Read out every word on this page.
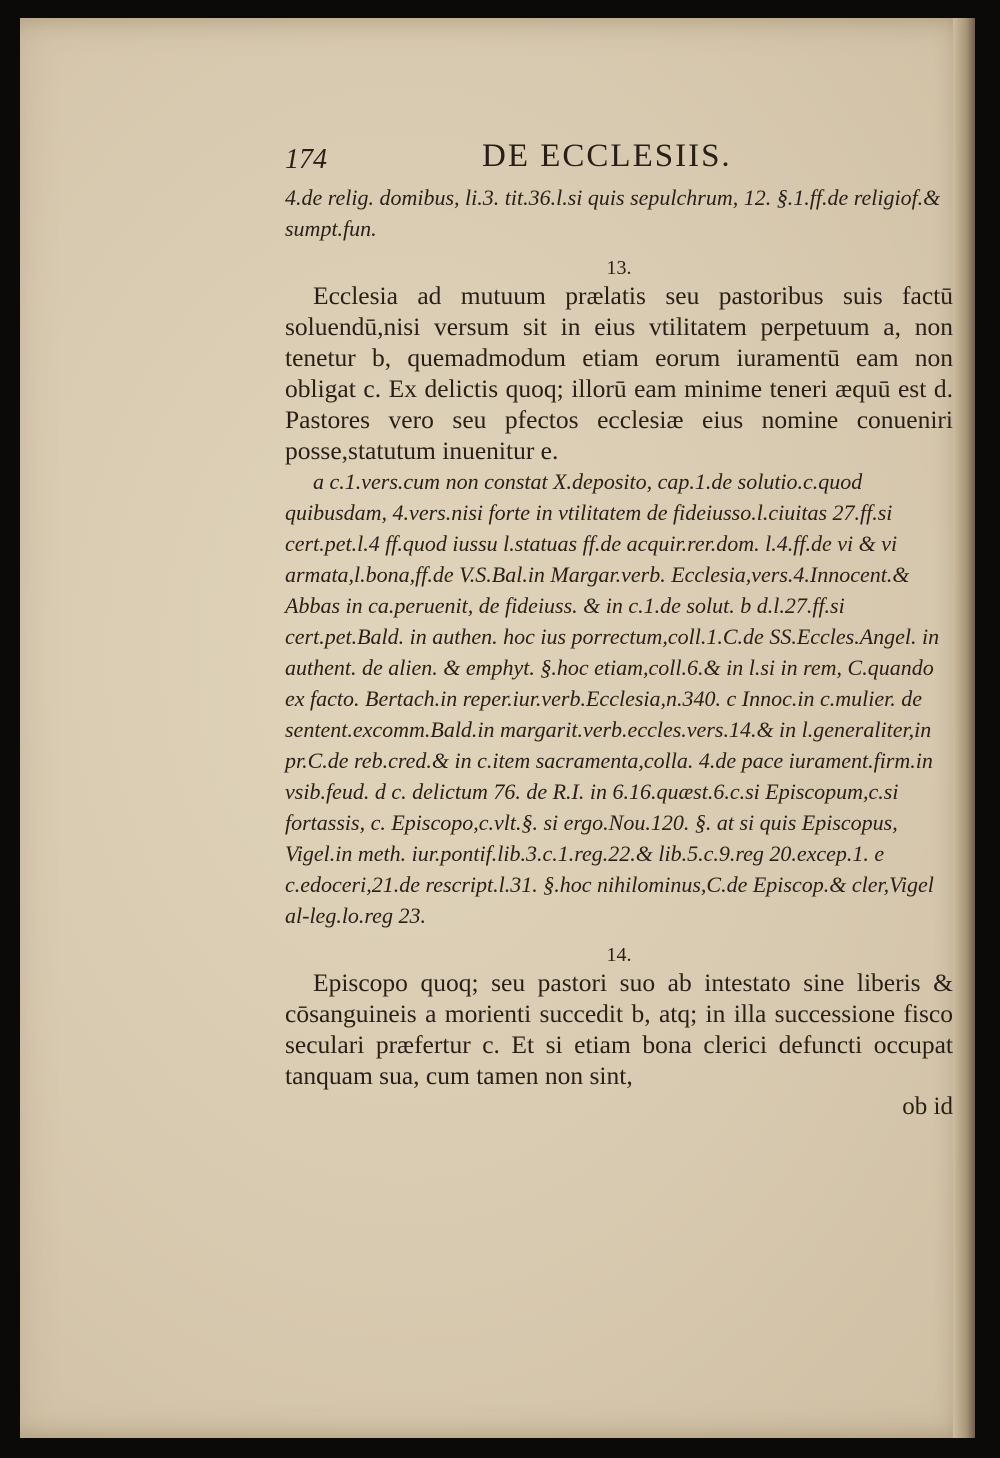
174	DE ECCLESIIS.

4.de relig. domibus, li.3. tit.36.l.si quis sepulchrum, 12. §.1.ff.de religiof.& sumpt.fun.

13.

Ecclesia ad mutuum prælatis seu pastoribus suis factū soluendū,nisi versum sit in eius vtilitatem perpetuum a, non tenetur b, quemadmodum etiam eorum iuramentū eam non obligat c. Ex delictis quoq; illorū eam minime teneri æquū est d. Pastores vero seu pfectos ecclesiæ eius nomine conueniri posse,statutum inuenitur e.

a c.1.vers.cum non constat X.deposito, cap.1.de solutio.c.quod quibusdam, 4.vers.nisi forte in vtilitatem de fideiusso.l.ciuitas 27.ff.si cert.pet.l.4 ff.quod iussu l.statuas ff.de acquir.rer.dom. l.4.ff.de vi & vi armata,l.bona,ff.de V.S.Bal.in Margar.verb. Ecclesia,vers.4.Innocent.& Abbas in ca.peruenit, de fideiuss. & in c.1.de solut. b d.l.27.ff.si cert.pet.Bald. in authen. hoc ius porrectum,coll.1.C.de SS.Eccles.Angel. in authent. de alien. & emphyt. §.hoc etiam,coll.6.& in l.si in rem, C.quando ex facto. Bertach.in reper.iur.verb.Ecclesia,n.340. c Innoc.in c.mulier. de sentent.excomm.Bald.in margarit.verb.eccles.vers.14.& in l.generaliter,in pr.C.de reb.cred.& in c.item sacramenta,colla. 4.de pace iurament.firm.in vsib.feud. d c. delictum 76. de R.I. in 6.16.quæst.6.c.si Episcopum,c.si fortassis, c. Episcopo,c.vlt.§. si ergo.Nou.120. §. at si quis Episcopus, Vigel.in meth. iur.pontif.lib.3.c.1.reg.22.& lib.5.c.9.reg 20.excep.1. e c.edoceri,21.de rescript.l.31. §.hoc nihilominus,C.de Episcop.& cler,Vigel al-leg.lo.reg 23.

14.

Episcopo quoq; seu pastori suo ab intestato sine liberis & cōsanguineis a morienti succedit b, atq; in illa successione fisco seculari præfertur c. Et si etiam bona clerici defuncti occupat tanquam sua, cum tamen non sint,

ob id
